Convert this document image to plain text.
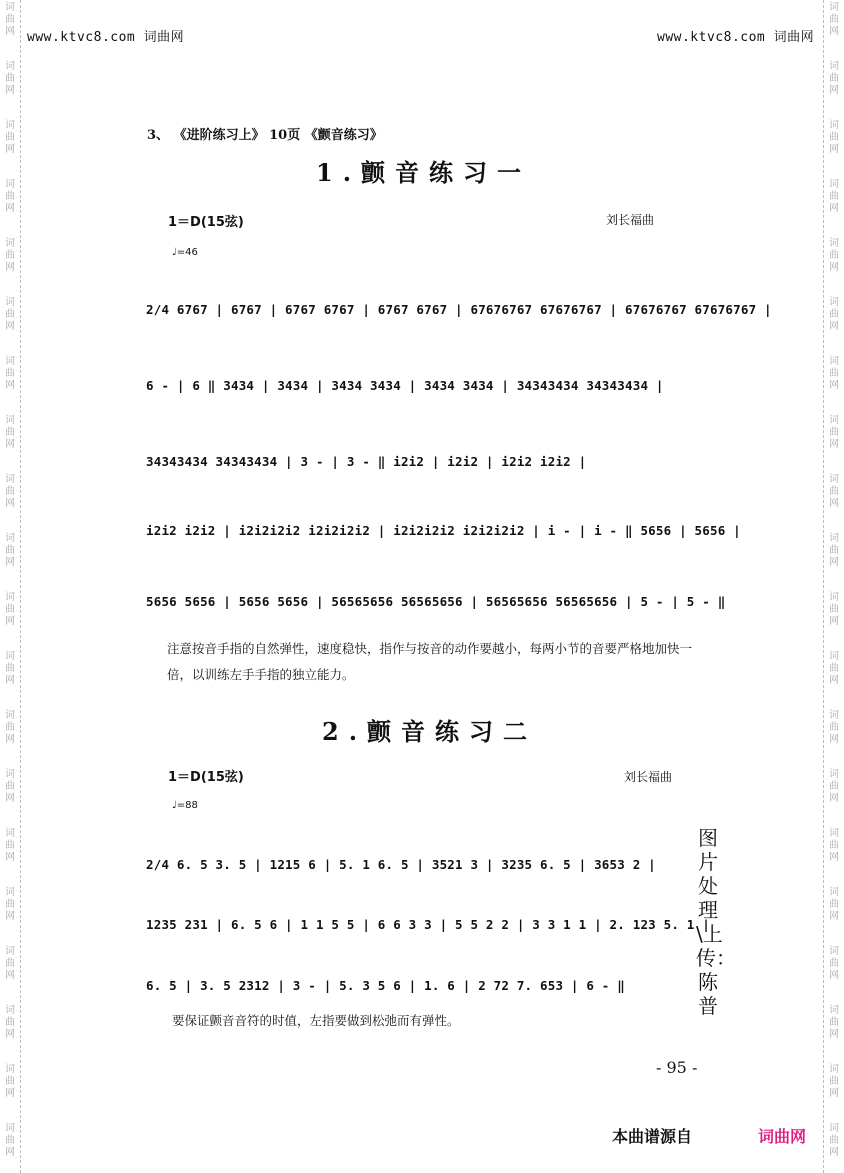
词
曲
网
词
曲
网
词
曲
网
词
曲
网
词
曲
网
词
曲
网
词
曲
网
词
曲
网
词
曲
网
词
曲
网
词
曲
网
词
曲
网
词
曲
网
词
曲
网
词
曲
网
词
曲
网
词
曲
网
词
曲
网
词
曲
网
词
曲
网
词
曲
网
词
曲
网
词
曲
网
词
曲
网
词
曲
网
词
曲
网
词
曲
网
词
曲
网
词
曲
网
词
曲
网
词
曲
网
词
曲
网
词
曲
网
词
曲
网
词
曲
网
词
曲
网
词
曲
网
词
曲
网
词
曲
网
词
曲
网
www.ktvc8.com 词曲网	www.ktvc8.com 词曲网
3、 《进阶练习上》 10页 《颤音练习》
1.颤音练习一
1＝D(15弦)	刘长福曲
♩=46
2/4 6767 | 6767 | 6767 6767 | 6767 6767 | 67676767 67676767 | 67676767 67676767 |
6 - | 6 ‖ 3434 | 3434 | 3434 3434 | 3434 3434 | 34343434 34343434 |
34343434 34343434 | 3 - | 3 - ‖ i2i2 | i2i2 | i2i2 i2i2 |
i2i2 i2i2 | i2i2i2i2 i2i2i2i2 | i2i2i2i2 i2i2i2i2 | i - | i - ‖ 5656 | 5656 |
5656 5656 | 5656 5656 | 56565656 56565656 | 56565656 56565656 | 5 - | 5 - ‖
注意按音手指的自然弹性，速度稳快，指作与按音的动作要越小，每两小节的音要严格地加快一倍，以训练左手手指的独立能力。
2.颤音练习二
1＝D(15弦)	刘长福曲
♩=88
2/4 6. 5 3. 5 | 1215 6 | 5. 1 6. 5 | 3521 3 | 3235 6. 5 | 3653 2 |
1235 231 | 6. 5 6 | 1 1 5 5 | 6 6 3 3 | 5 5 2 2 | 3 3 1 1 | 2. 123 5. 1 |
6. 5 | 3. 5 2312 | 3 - | 5. 3 5 6 | 1. 6 | 2 72 7. 653 | 6 - ‖
要保证颤音音符的时值，左指要做到松弛而有弹性。
图片处理\上传：陈普
- 95 -
本曲谱源自	词曲网
